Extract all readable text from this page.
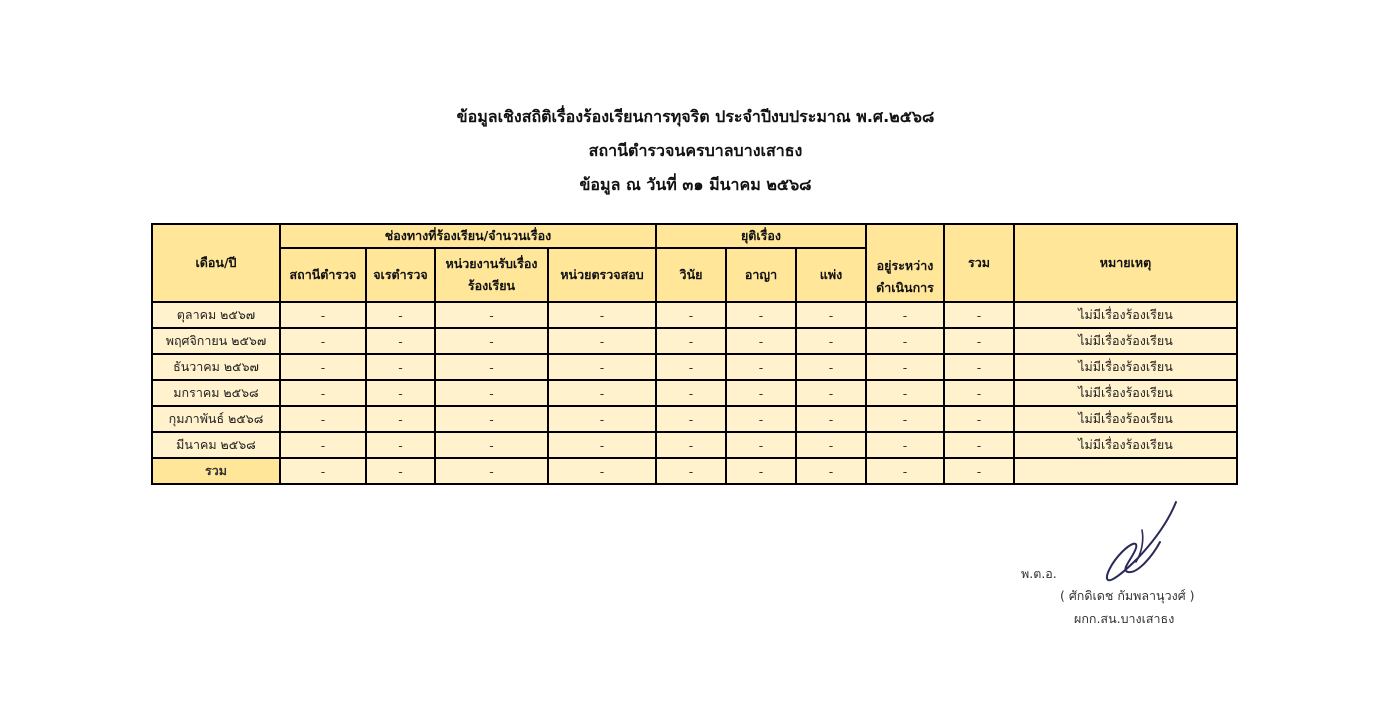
ข้อมูลเชิงสถิติเรื่องร้องเรียนการทุจริต ประจำปีงบประมาณ พ.ศ.๒๕๖๘
สถานีตำรวจนครบาลบางเสาธง
ข้อมูล ณ วันที่ ๓๑ มีนาคม ๒๕๖๘
เดือน/ปี	ช่องทางที่ร้องเรียน/จำนวนเรื่อง				ยุติเรื่อง			อยู่ระหว่างดำเนินการ	รวม	หมายเหตุ
	สถานีตำรวจ	จเรตำรวจ	หน่วยงานรับเรื่องร้องเรียน	หน่วยตรวจสอบ	วินัย	อาญา	แพ่ง			
ตุลาคม ๒๕๖๗	-	-	-	-	-	-	-	-	-	ไม่มีเรื่องร้องเรียน
พฤศจิกายน ๒๕๖๗	-	-	-	-	-	-	-	-	-	ไม่มีเรื่องร้องเรียน
ธันวาคม ๒๕๖๗	-	-	-	-	-	-	-	-	-	ไม่มีเรื่องร้องเรียน
มกราคม ๒๕๖๘	-	-	-	-	-	-	-	-	-	ไม่มีเรื่องร้องเรียน
กุมภาพันธ์ ๒๕๖๘	-	-	-	-	-	-	-	-	-	ไม่มีเรื่องร้องเรียน
มีนาคม ๒๕๖๘	-	-	-	-	-	-	-	-	-	ไม่มีเรื่องร้องเรียน
รวม	-	-	-	-	-	-	-	-	-	
พ.ต.อ.
( ศักดิเดช กัมพลานุวงศ์ )
ผกก.สน.บางเสาธง
